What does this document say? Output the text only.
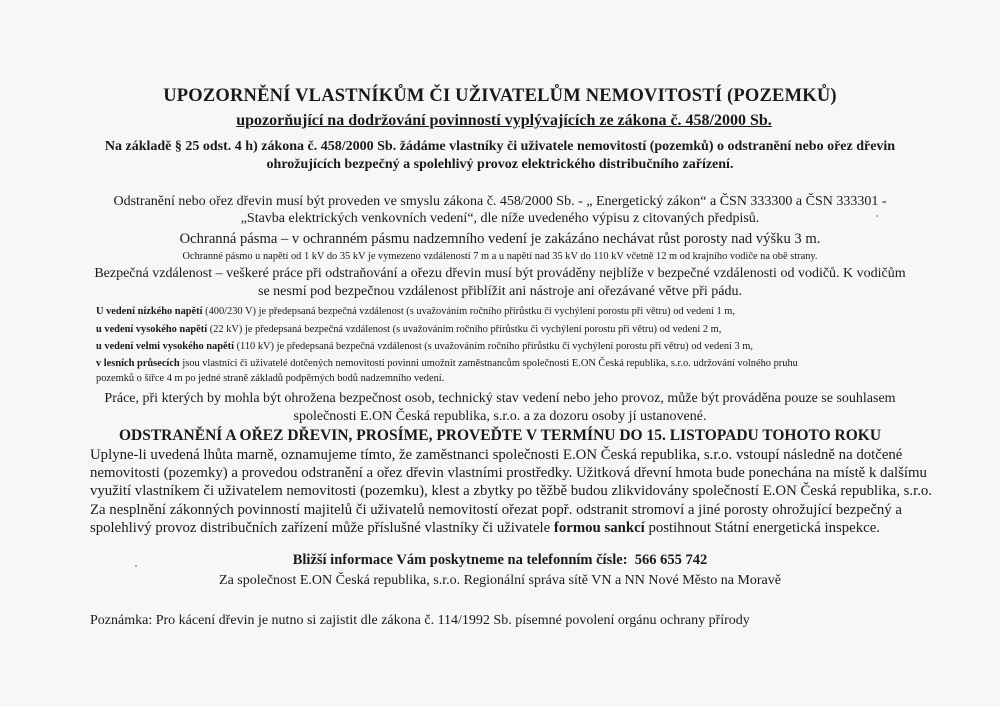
UPOZORNĚNÍ VLASTNÍKŮM ČI UŽIVATELŮM NEMOVITOSTÍ (POZEMKŮ)

upozorňující na dodržování povinností vyplývajících ze zákona č. 458/2000 Sb.

Na základě § 25 odst. 4 h) zákona č. 458/2000 Sb. žádáme vlastníky či uživatele nemovitostí (pozemků) o odstranění nebo ořez dřevin

ohrožujících bezpečný a spolehlivý provoz elektrického distribučního zařízení.

Odstranění nebo ořez dřevin musí být proveden ve smyslu zákona č. 458/2000 Sb. - „ Energetický zákon“ a ČSN 333300 a ČSN 333301 -

„Stavba elektrických venkovních vedení“, dle níže uvedeného výpisu z citovaných předpisů.

Ochranná pásma – v ochranném pásmu nadzemního vedení je zakázáno nechávat růst porosty nad výšku 3 m.

Ochranné pásmo u napětí od 1 kV do 35 kV je vymezeno vzdáleností 7 m a u napětí nad 35 kV do 110 kV včetně 12 m od krajního vodiče na obě strany.

Bezpečná vzdálenost – veškeré práce při odstraňování a ořezu dřevin musí být prováděny nejblíže v bezpečné vzdálenosti od vodičů. K vodičům

se nesmí pod bezpečnou vzdálenost přiblížit ani nástroje ani ořezávané větve při pádu.

U vedení nízkého napětí (400/230 V) je předepsaná bezpečná vzdálenost (s uvažováním ročního přírůstku či vychýlení porostu při větru) od vedení 1 m,

u vedení vysokého napětí (22 kV) je předepsaná bezpečná vzdálenost (s uvažováním ročního přírůstku či vychýlení porostu při větru) od vedení 2 m,

u vedení velmi vysokého napětí (110 kV) je předepsaná bezpečná vzdálenost (s uvažováním ročního přírůstku či vychýlení porostu při větru) od vedení 3 m,

v lesních průsecích jsou vlastníci či uživatelé dotčených nemovitostí povinni umožnit zaměstnancům společnosti E.ON Česká republika, s.r.o. udržování volného pruhu

pozemků o šířce 4 m po jedné straně základů podpěrných bodů nadzemního vedení.

Práce, při kterých by mohla být ohrožena bezpečnost osob, technický stav vedení nebo jeho provoz, může být prováděna pouze se souhlasem

společnosti E.ON Česká republika, s.r.o. a za dozoru osoby jí ustanovené.

ODSTRANĚNÍ A OŘEZ DŘEVIN, PROSÍME, PROVEĎTE V TERMÍNU DO 15. LISTOPADU TOHOTO ROKU

Uplyne-li uvedená lhůta marně, oznamujeme tímto, že zaměstnanci společnosti E.ON Česká republika, s.r.o. vstoupí následně na dotčené

nemovitosti (pozemky) a provedou odstranění a ořez dřevin vlastními prostředky. Užitková dřevní hmota bude ponechána na místě k dalšímu

využití vlastníkem či uživatelem nemovitosti (pozemku), klest a zbytky po těžbě budou zlikvidovány společností E.ON Česká republika, s.r.o.

Za nesplnění zákonných povinností majitelů či uživatelů nemovitostí ořezat popř. odstranit stromoví a jiné porosty ohrožující bezpečný a

spolehlivý provoz distribučních zařízení může příslušné vlastníky či uživatele formou sankcí postihnout Státní energetická inspekce.

Bližší informace Vám poskytneme na telefonním čísle: 566 655 742

Za společnost E.ON Česká republika, s.r.o. Regionální správa sítě VN a NN Nové Město na Moravě

Poznámka: Pro kácení dřevin je nutno si zajistit dle zákona č. 114/1992 Sb. písemné povolení orgánu ochrany přírody
